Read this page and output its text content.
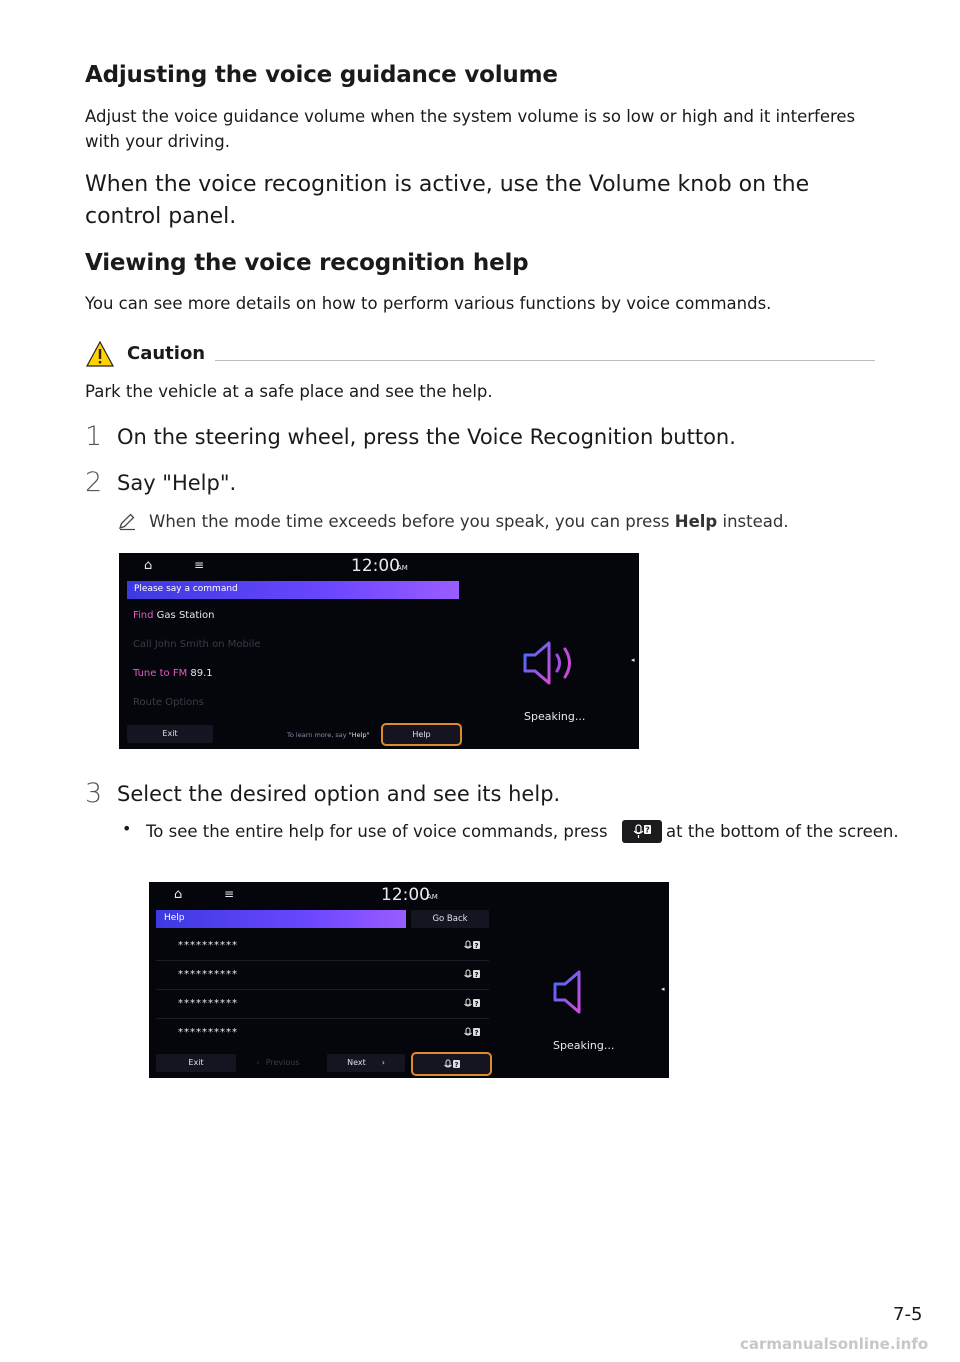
Adjusting the voice guidance volume

Adjust the voice guidance volume when the system volume is so low or high and it interferes with your driving.

When the voice recognition is active, use the Volume knob on the control panel.

Viewing the voice recognition help

You can see more details on how to perform various functions by voice commands.

Caution

Park the vehicle at a safe place and see the help.

1 On the steering wheel, press the Voice Recognition button.
2 Say "Help".

When the mode time exceeds before you speak, you can press Help instead.

⌂	≡	12:00
AM
Please say a command
Find Gas Station
Call John Smith on Mobile
Tune to FM 89.1
Route Options
Speaking...
◂
Exit	To learn more, say "Help"	Help
3 Select the desired option and see its help.
• To see the entire help for use of voice commands, press	? at the bottom of the screen.
⌂	≡	12:00
AM
Help	Go Back
**********	?
**********	?
**********	?
**********	?
Speaking...
◂
Exit	‹ Previous	Next ›	?
7-5
carmanualsonline.info
